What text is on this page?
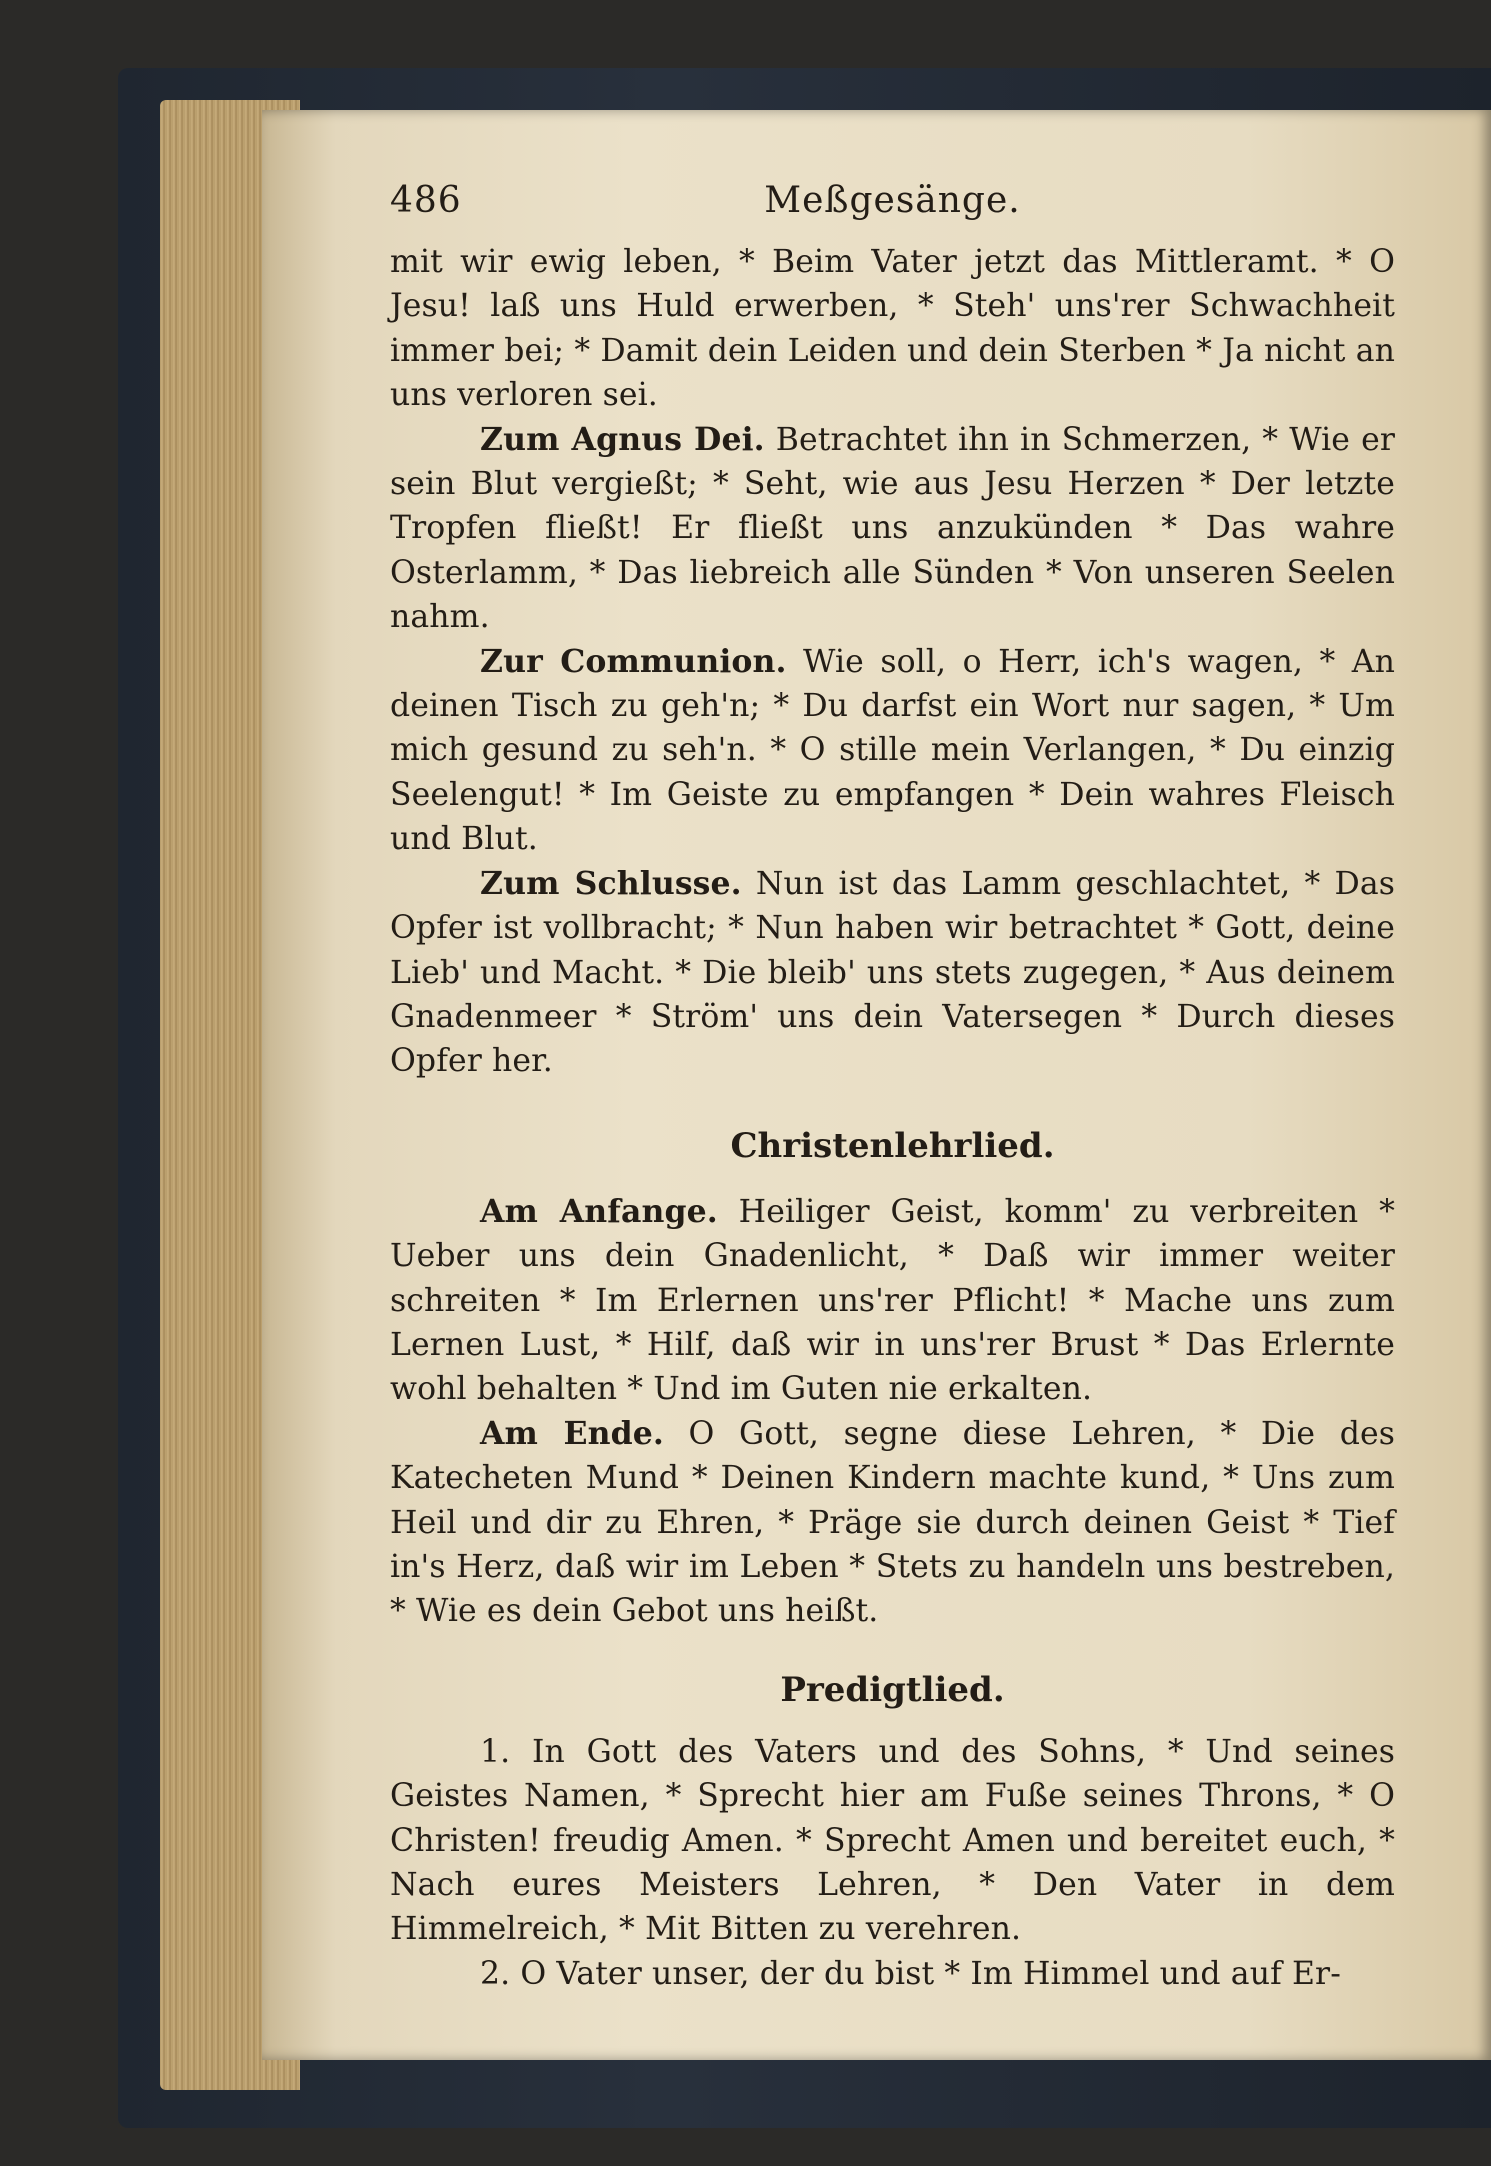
486	Meßgesänge.

mit wir ewig leben, * Beim Vater jetzt das Mittleramt. * O Jesu! laß uns Huld erwerben, * Steh' uns'rer Schwachheit immer bei; * Damit dein Leiden und dein Sterben * Ja nicht an uns verloren sei.

Zum Agnus Dei. Betrachtet ihn in Schmerzen, * Wie er sein Blut vergießt; * Seht, wie aus Jesu Herzen * Der letzte Tropfen fließt! Er fließt uns anzukünden * Das wahre Osterlamm, * Das liebreich alle Sünden * Von unseren Seelen nahm.

Zur Communion. Wie soll, o Herr, ich's wagen, * An deinen Tisch zu geh'n; * Du darfst ein Wort nur sagen, * Um mich gesund zu seh'n. * O stille mein Verlangen, * Du einzig Seelengut! * Im Geiste zu empfangen * Dein wahres Fleisch und Blut.

Zum Schlusse. Nun ist das Lamm geschlachtet, * Das Opfer ist vollbracht; * Nun haben wir betrachtet * Gott, deine Lieb' und Macht. * Die bleib' uns stets zugegen, * Aus deinem Gnadenmeer * Ström' uns dein Vatersegen * Durch dieses Opfer her.

Christenlehrlied.

Am Anfange. Heiliger Geist, komm' zu verbreiten * Ueber uns dein Gnadenlicht, * Daß wir immer weiter schreiten * Im Erlernen uns'rer Pflicht! * Mache uns zum Lernen Lust, * Hilf, daß wir in uns'rer Brust * Das Erlernte wohl behalten * Und im Guten nie erkalten.

Am Ende. O Gott, segne diese Lehren, * Die des Katecheten Mund * Deinen Kindern machte kund, * Uns zum Heil und dir zu Ehren, * Präge sie durch deinen Geist * Tief in's Herz, daß wir im Leben * Stets zu handeln uns bestreben, * Wie es dein Gebot uns heißt.

Predigtlied.

1. In Gott des Vaters und des Sohns, * Und seines Geistes Namen, * Sprecht hier am Fuße seines Throns, * O Christen! freudig Amen. * Sprecht Amen und bereitet euch, * Nach eures Meisters Lehren, * Den Vater in dem Himmelreich, * Mit Bitten zu verehren.

2. O Vater unser, der du bist * Im Himmel und auf Er-
